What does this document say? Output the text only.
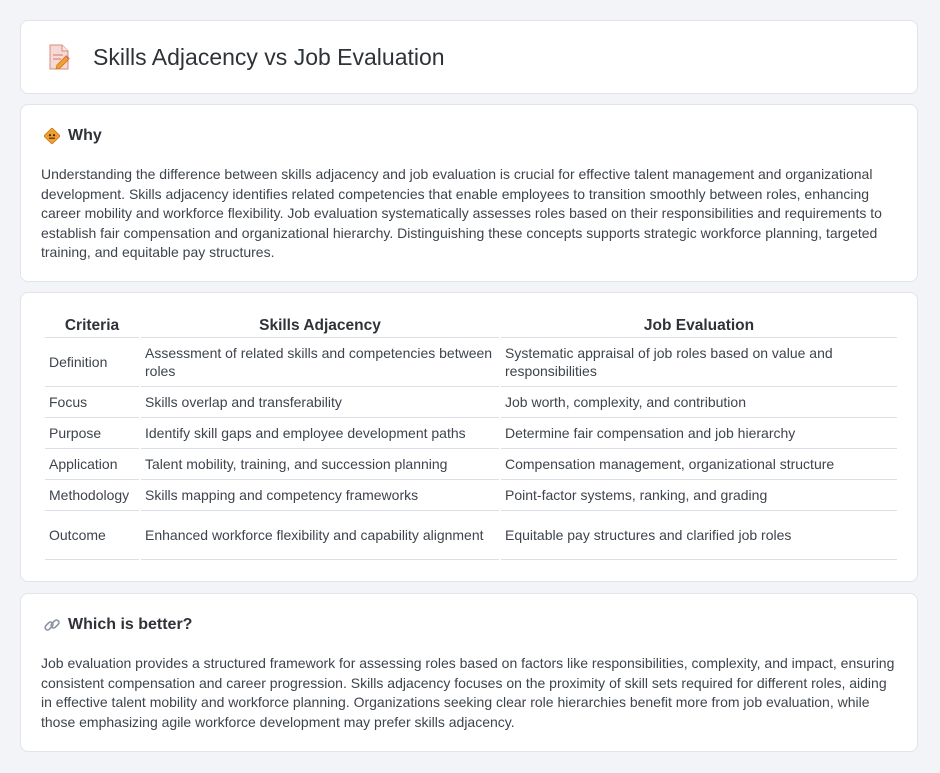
Skills Adjacency vs Job Evaluation
Why

Understanding the difference between skills adjacency and job evaluation is crucial for effective talent management and organizational development. Skills adjacency identifies related competencies that enable employees to transition smoothly between roles, enhancing career mobility and workforce flexibility. Job evaluation systematically assesses roles based on their responsibilities and requirements to establish fair compensation and organizational hierarchy. Distinguishing these concepts supports strategic workforce planning, targeted training, and equitable pay structures.

Criteria	Skills Adjacency	Job Evaluation
Definition	Assessment of related skills and competencies between roles	Systematic appraisal of job roles based on value and responsibilities
Focus	Skills overlap and transferability	Job worth, complexity, and contribution
Purpose	Identify skill gaps and employee development paths	Determine fair compensation and job hierarchy
Application	Talent mobility, training, and succession planning	Compensation management, organizational structure
Methodology	Skills mapping and competency frameworks	Point-factor systems, ranking, and grading
Outcome	Enhanced workforce flexibility and capability alignment	Equitable pay structures and clarified job roles
Which is better?

Job evaluation provides a structured framework for assessing roles based on factors like responsibilities, complexity, and impact, ensuring consistent compensation and career progression. Skills adjacency focuses on the proximity of skill sets required for different roles, aiding in effective talent mobility and workforce planning. Organizations seeking clear role hierarchies benefit more from job evaluation, while those emphasizing agile workforce development may prefer skills adjacency.
